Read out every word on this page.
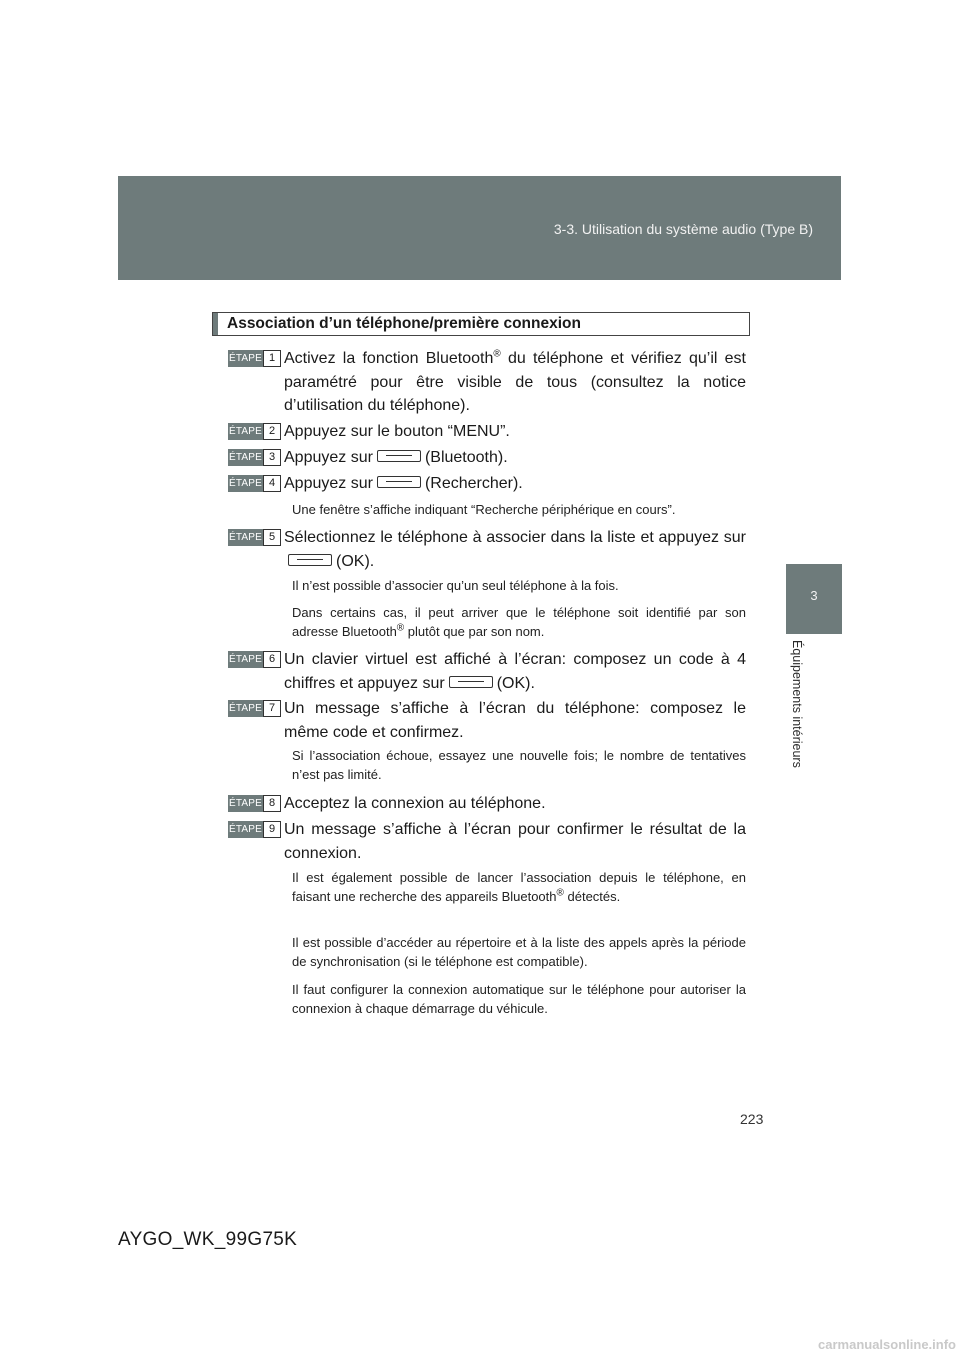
3-3. Utilisation du système audio (Type B)
3
Équipements intérieurs
Association d’un téléphone/première connexion
ÉTAPE 1 Activez la fonction Bluetooth® du téléphone et vérifiez qu’il est paramétré pour être visible de tous (consultez la notice d’utilisation du téléphone).
ÉTAPE 2 Appuyez sur le bouton “MENU”.
ÉTAPE 3 Appuyez sur	(Bluetooth).
ÉTAPE 4 Appuyez sur	(Rechercher).
Une fenêtre s’affiche indiquant “Recherche périphérique en cours”.
ÉTAPE 5 Sélectionnez le téléphone à associer dans la liste et appuyez sur(OK).
Il n’est possible d’associer qu’un seul téléphone à la fois.
Dans certains cas, il peut arriver que le téléphone soit identifié par son adresse Bluetooth® plutôt que par son nom.
ÉTAPE 6 Un clavier virtuel est affiché à l’écran: composez un code à 4 chiffres et appuyez sur	(OK).
ÉTAPE 7 Un message s’affiche à l’écran du téléphone: composez le même code et confirmez.
Si l’association échoue, essayez une nouvelle fois; le nombre de tentatives n’est pas limité.
ÉTAPE 8 Acceptez la connexion au téléphone.
ÉTAPE 9 Un message s’affiche à l’écran pour confirmer le résultat de la connexion.
Il est également possible de lancer l’association depuis le téléphone, en faisant une recherche des appareils Bluetooth® détectés.
Il est possible d’accéder au répertoire et à la liste des appels après la période de synchronisation (si le téléphone est compatible).
Il faut configurer la connexion automatique sur le téléphone pour autoriser la connexion à chaque démarrage du véhicule.
223
AYGO_WK_99G75K
carmanualsonline.info
